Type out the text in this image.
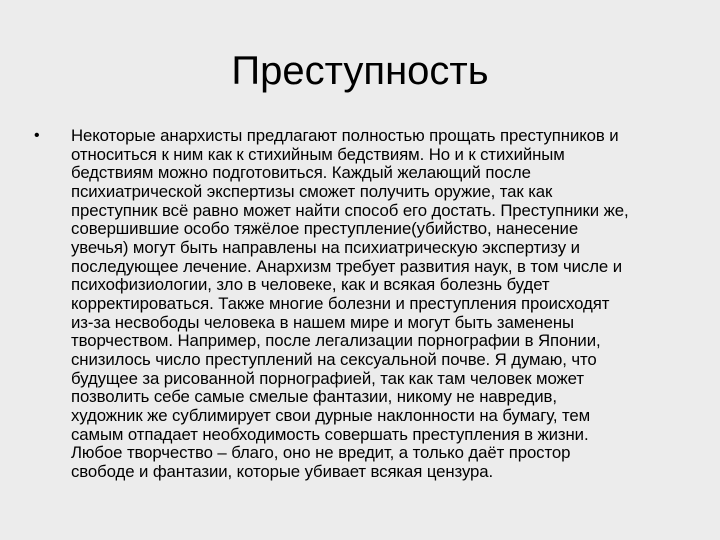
Преступность
• Некоторые анархисты предлагают полностью прощать преступников и
относиться к ним как к стихийным бедствиям. Но и к стихийным
бедствиям можно подготовиться. Каждый желающий после
психиатрической экспертизы сможет получить оружие, так как
преступник всё равно может найти способ его достать. Преступники же,
совершившие особо тяжёлое преступление(убийство, нанесение
увечья) могут быть направлены на психиатрическую экспертизу и
последующее лечение. Анархизм требует развития наук, в том числе и
психофизиологии, зло в человеке, как и всякая болезнь будет
корректироваться. Также многие болезни и преступления происходят
из-за несвободы человека в нашем мире и могут быть заменены
творчеством. Например, после легализации порнографии в Японии,
снизилось число преступлений на сексуальной почве. Я думаю, что
будущее за рисованной порнографией, так как там человек может
позволить себе самые смелые фантазии, никому не навредив,
художник же сублимирует свои дурные наклонности на бумагу, тем
самым отпадает необходимость совершать преступления в жизни.
Любое творчество – благо, оно не вредит, а только даёт простор
свободе и фантазии, которые убивает всякая цензура.
